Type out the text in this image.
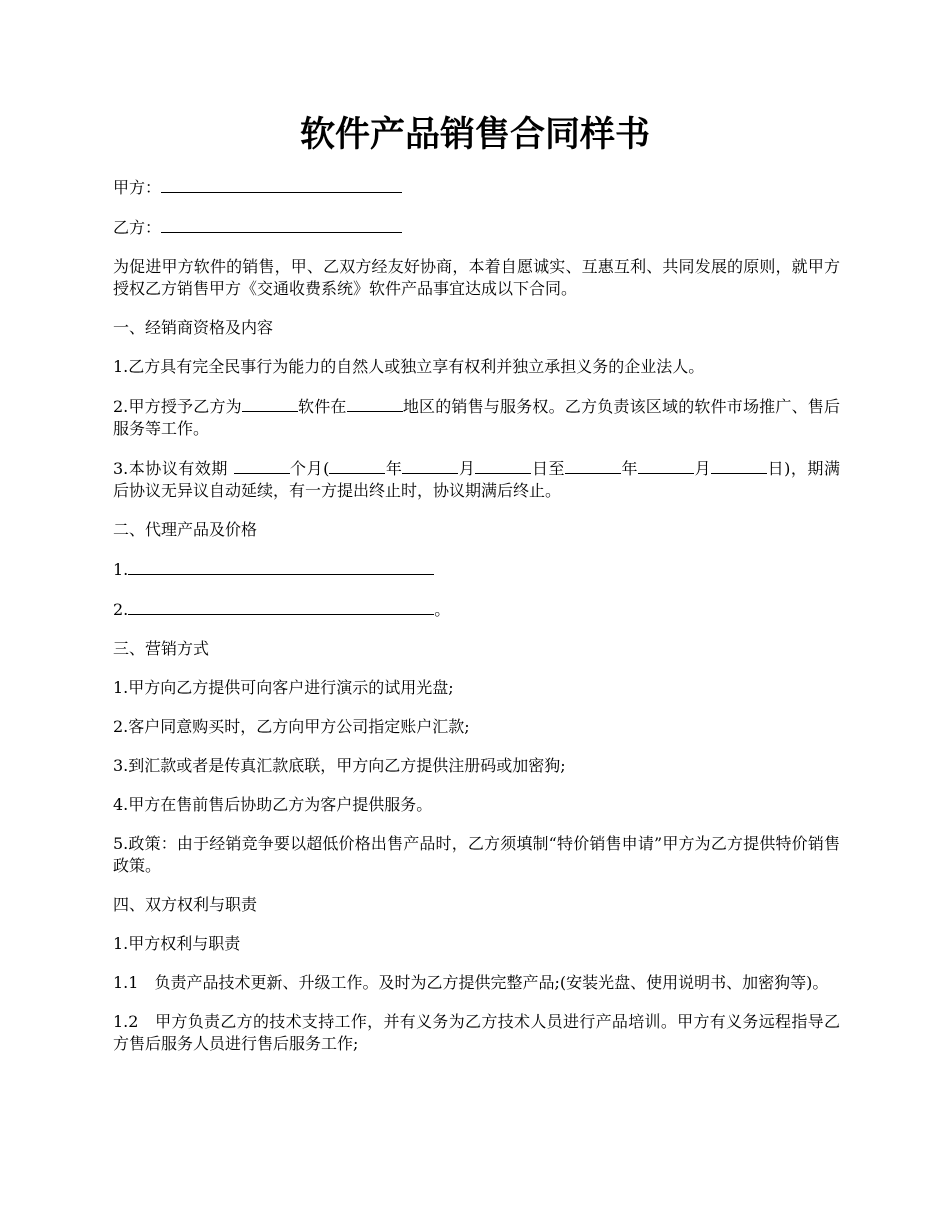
软件产品销售合同样书

甲方：

乙方：

为促进甲方软件的销售，甲、乙双方经友好协商，本着自愿诚实、互惠互利、共同发展的原则，就甲方授权乙方销售甲方《交通收费系统》软件产品事宜达成以下合同。

一、经销商资格及内容

1.乙方具有完全民事行为能力的自然人或独立享有权利并独立承担义务的企业法人。

2.甲方授予乙方为	软件在	地区的销售与服务权。乙方负责该区域的软件市场推广、售后服务等工作。

3.本协议有效期	个月(	年	月	日至	年	月	日)，期满后协议无异议自动延续，有一方提出终止时，协议期满后终止。

二、代理产品及价格

1.

2.	。

三、营销方式

1.甲方向乙方提供可向客户进行演示的试用光盘;

2.客户同意购买时，乙方向甲方公司指定账户汇款;

3.到汇款或者是传真汇款底联，甲方向乙方提供注册码或加密狗;

4.甲方在售前售后协助乙方为客户提供服务。

5.政策：由于经销竞争要以超低价格出售产品时，乙方须填制“特价销售申请”甲方为乙方提供特价销售政策。

四、双方权利与职责

1.甲方权利与职责

1.1　负责产品技术更新、升级工作。及时为乙方提供完整产品;(安装光盘、使用说明书、加密狗等)。

1.2　甲方负责乙方的技术支持工作，并有义务为乙方技术人员进行产品培训。甲方有义务远程指导乙方售后服务人员进行售后服务工作;
